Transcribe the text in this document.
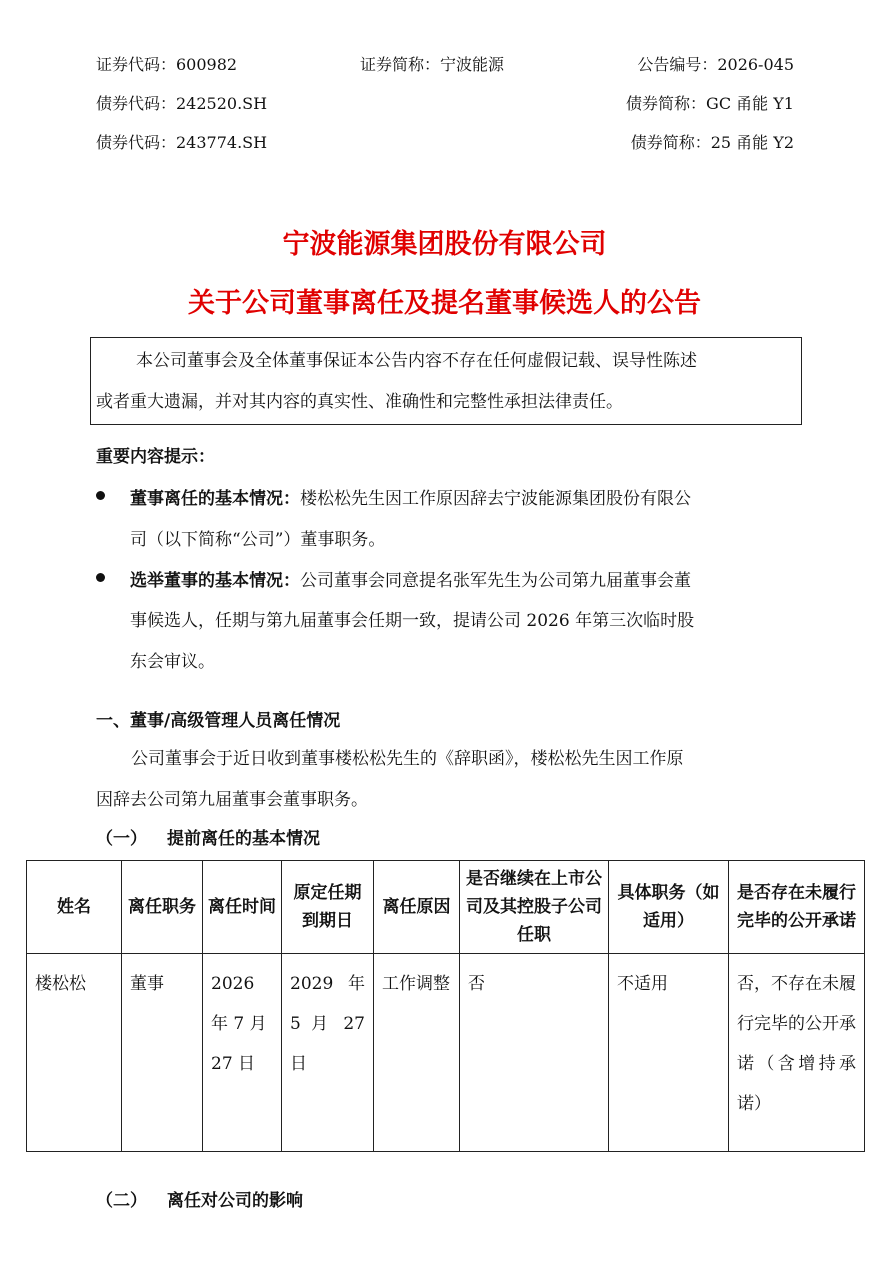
证券代码：600982	证券简称：宁波能源	公告编号：2026-045
债券代码：242520.SH	债券简称：GC 甬能 Y1
债券代码：243774.SH	债券简称：25 甬能 Y2
宁波能源集团股份有限公司
关于公司董事离任及提名董事候选人的公告
本公司董事会及全体董事保证本公告内容不存在任何虚假记载、误导性陈述
或者重大遗漏，并对其内容的真实性、准确性和完整性承担法律责任。
重要内容提示：
董事离任的基本情况：楼松松先生因工作原因辞去宁波能源集团股份有限公
司（以下简称“公司”）董事职务。
选举董事的基本情况：公司董事会同意提名张军先生为公司第九届董事会董
事候选人，任期与第九届董事会任期一致，提请公司 2026 年第三次临时股
东会审议。
一、董事/高级管理人员离任情况
公司董事会于近日收到董事楼松松先生的《辞职函》，楼松松先生因工作原
因辞去公司第九届董事会董事职务。
（一） 提前离任的基本情况
姓名	离任职务	离任时间	原定任期到期日	离任原因	是否继续在上市公司及其控股子公司任职	具体职务（如适用）	是否存在未履行完毕的公开承诺
楼松松	董事	2026 年 7 月 27 日	2029 年 5 月 27 日	工作调整	否	不适用	否，不存在未履行完毕的公开承诺（含增持承诺）
（二） 离任对公司的影响
